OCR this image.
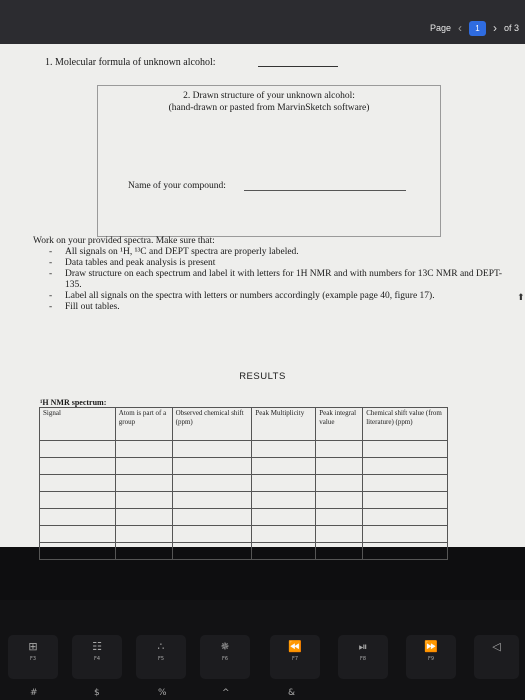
Page ‹	1	› of 3
1. Molecular formula of unknown alcohol:
2. Drawn structure of your unknown alcohol:
(hand-drawn or pasted from MarvinSketch software)
Name of your compound:
Work on your provided spectra. Make sure that:
- All signals on ¹H, ¹³C and DEPT spectra are properly labeled.
- Data tables and peak analysis is present
- Draw structure on each spectrum and label it with letters for 1H NMR and with numbers for 13C NMR and DEPT-135.
- Label all signals on the spectra with letters or numbers accordingly (example page 40, figure 17).
- Fill out tables.
⬆
RESULTS
¹H NMR spectrum:
Signal	Atom is part of a group	Observed chemical shift (ppm)	Peak Multiplicity	Peak integral value	Chemical shift value (from literature) (ppm)

⊞
F3
☷
F4
∴
F5
✵
F6
⏪
F7
⏯
F8
⏩
F9
◁
#	$	%	^	&
